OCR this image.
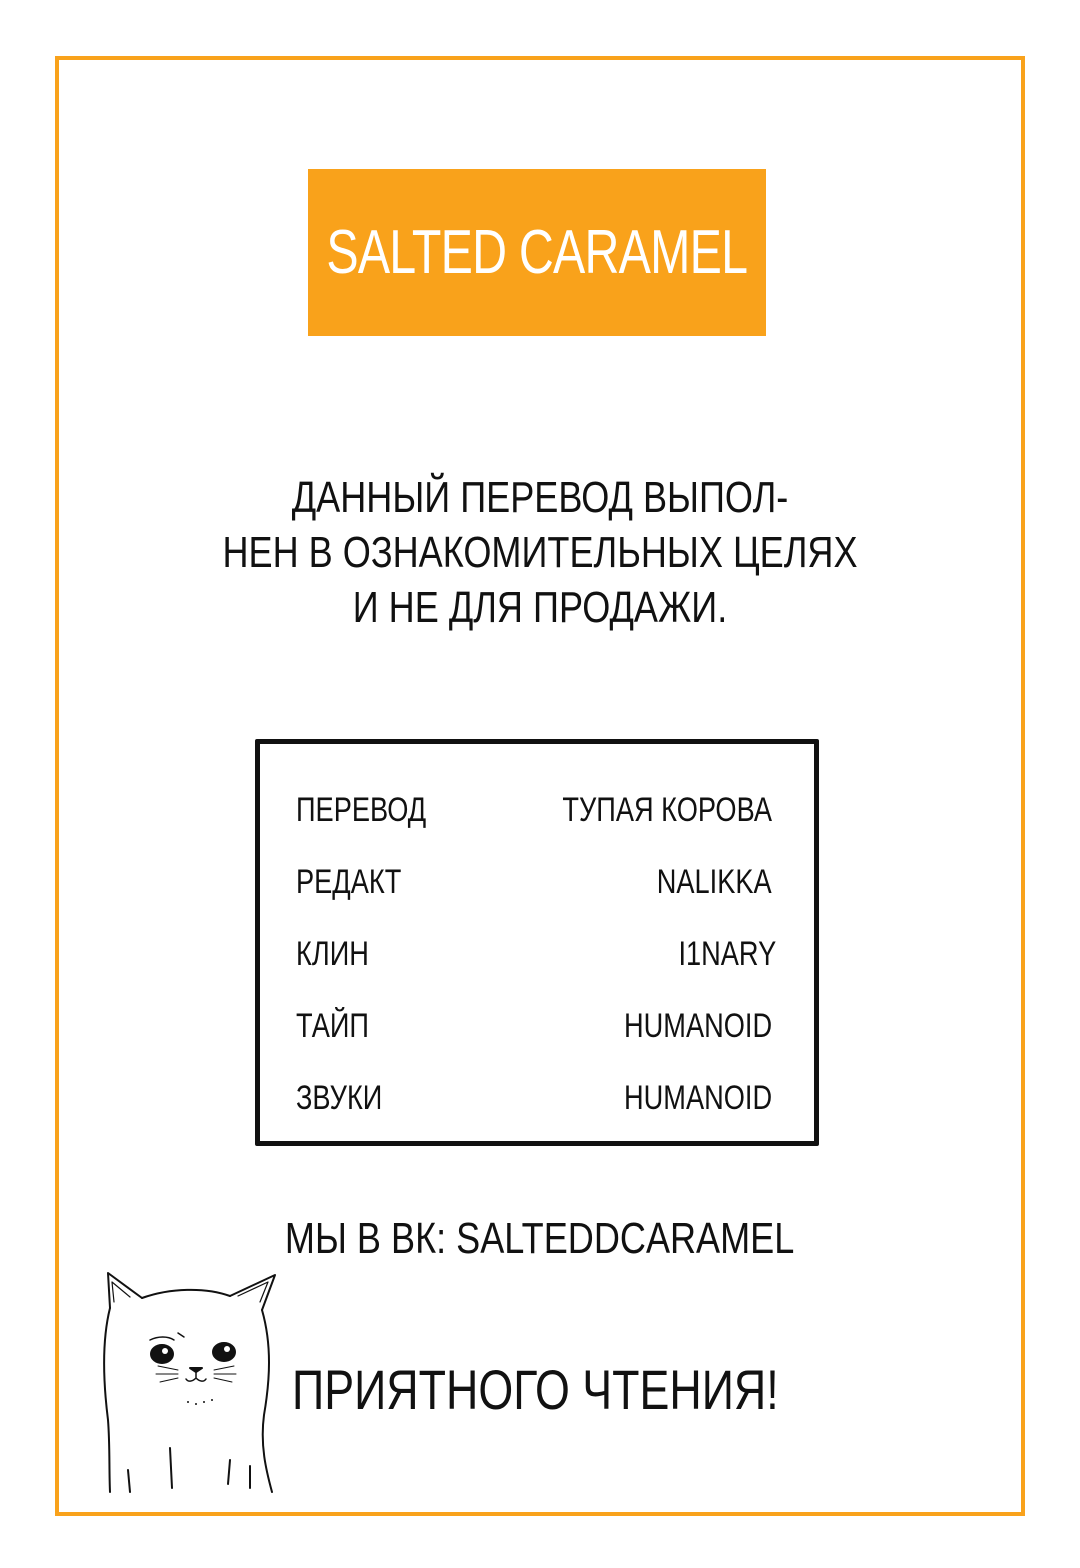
SALTED CARAMEL
ДАННЫЙ ПЕРЕВОД ВЫПОЛ-
НЕН В ОЗНАКОМИТЕЛЬНЫХ ЦЕЛЯХ
И НЕ ДЛЯ ПРОДАЖИ.
ПЕРЕВОД	ТУПАЯ КОРОВА
РЕДАКТ	NALIKKA
КЛИН	I1NARY
ТАЙП	HUMANOID
ЗВУКИ	HUMANOID
МЫ В ВК: SALTEDDCARAMEL
ПРИЯТНОГО ЧТЕНИЯ!
